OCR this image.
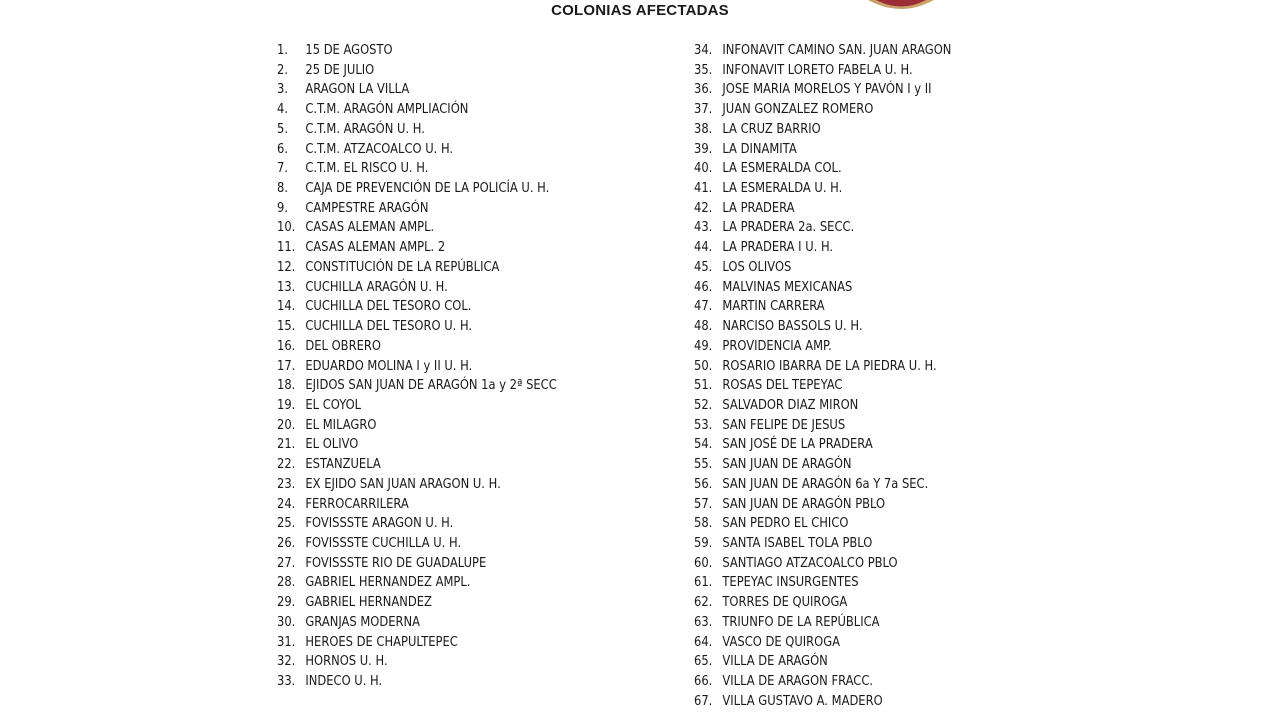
COLONIAS AFECTADAS
1.	15 DE AGOSTO
2.	25 DE JULIO
3.	ARAGON LA VILLA
4.	C.T.M. ARAGÓN AMPLIACIÓN
5.	C.T.M. ARAGÓN U. H.
6.	C.T.M. ATZACOALCO U. H.
7.	C.T.M. EL RISCO U. H.
8.	CAJA DE PREVENCIÓN DE LA POLICÍA U. H.
9.	CAMPESTRE ARAGÓN
10. CASAS ALEMAN AMPL.
11. CASAS ALEMAN AMPL. 2
12. CONSTITUCIÓN DE LA REPÚBLICA
13. CUCHILLA ARAGÓN U. H.
14. CUCHILLA DEL TESORO COL.
15. CUCHILLA DEL TESORO U. H.
16. DEL OBRERO
17. EDUARDO MOLINA I y II U. H.
18. EJIDOS SAN JUAN DE ARAGÓN 1a y 2ª SECC
19. EL COYOL
20. EL MILAGRO
21. EL OLIVO
22. ESTANZUELA
23. EX EJIDO SAN JUAN ARAGON U. H.
24. FERROCARRILERA
25. FOVISSSTE ARAGON U. H.
26. FOVISSSTE CUCHILLA U. H.
27. FOVISSSTE RIO DE GUADALUPE
28. GABRIEL HERNANDEZ AMPL.
29. GABRIEL HERNANDEZ
30. GRANJAS MODERNA
31. HEROES DE CHAPULTEPEC
32. HORNOS U. H.
33. INDECO U. H.
34. INFONAVIT CAMINO SAN. JUAN ARAGON
35. INFONAVIT LORETO FABELA U. H.
36. JOSE MARIA MORELOS Y PAVÓN I y II
37. JUAN GONZALEZ ROMERO
38. LA CRUZ BARRIO
39. LA DINAMITA
40. LA ESMERALDA COL.
41. LA ESMERALDA U. H.
42. LA PRADERA
43. LA PRADERA 2a. SECC.
44. LA PRADERA I U. H.
45. LOS OLIVOS
46. MALVINAS MEXICANAS
47. MARTIN CARRERA
48. NARCISO BASSOLS U. H.
49. PROVIDENCIA AMP.
50. ROSARIO IBARRA DE LA PIEDRA U. H.
51. ROSAS DEL TEPEYAC
52. SALVADOR DIAZ MIRON
53. SAN FELIPE DE JESUS
54. SAN JOSÉ DE LA PRADERA
55. SAN JUAN DE ARAGÓN
56. SAN JUAN DE ARAGÓN 6a Y 7a SEC.
57. SAN JUAN DE ARAGÓN PBLO
58. SAN PEDRO EL CHICO
59. SANTA ISABEL TOLA PBLO
60. SANTIAGO ATZACOALCO PBLO
61. TEPEYAC INSURGENTES
62. TORRES DE QUIROGA
63. TRIUNFO DE LA REPÚBLICA
64. VASCO DE QUIROGA
65. VILLA DE ARAGÓN
66. VILLA DE ARAGON FRACC.
67. VILLA GUSTAVO A. MADERO
